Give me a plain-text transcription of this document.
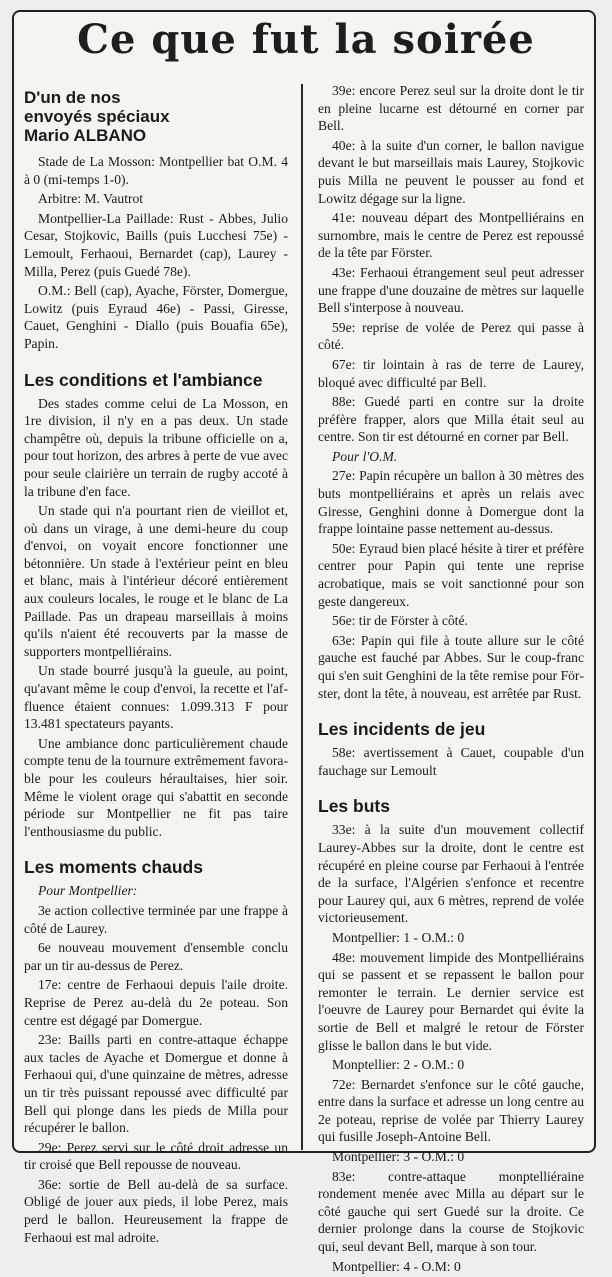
Ce que fut la soirée
D'un de nos
envoyés spéciaux
Mario ALBANO

Stade de La Mosson: Montpellier bat O.M. 4 à 0 (mi-temps 1-0).

Arbitre: M. Vautrot

Montpellier-La Paillade: Rust - Abbes, Julio Cesar, Stojkovic, Baills (puis Lucchesi 75e) - Lemoult, Ferhaoui, Bernardet (cap), Laurey - Milla, Perez (puis Guedé 78e).

O.M.: Bell (cap), Ayache, Förster, Domergue, Lowitz (puis Eyraud 46e) - Passi, Giresse, Cauet, Genghini - Diallo (puis Bouafia 65e), Papin.

Les conditions et l'ambiance

Des stades comme celui de La Mosson, en 1re division, il n'y en a pas deux. Un stade champêtre où, depuis la tribune officielle on a, pour tout horizon, des arbres à perte de vue avec pour seule clairière un terrain de rugby accoté à la tribune d'en face.

Un stade qui n'a pourtant rien de vieillot et, où dans un virage, à une demi-heure du coup d'envoi, on voyait encore fonctionner une bétonnière. Un stade à l'extérieur peint en bleu et blanc, mais à l'intérieur décoré entièrement aux couleurs locales, le rouge et le blanc de La Paillade. Pas un drapeau marseillais à moins qu'ils n'aient été recouverts par la masse de supporters montpelliérains.

Un stade bourré jusqu'à la gueule, au point, qu'avant même le coup d'envoi, la recette et l'affluence étaient connues: 1.099.313 F pour 13.481 spectateurs payants.

Une ambiance donc particulièrement chaude compte tenu de la tournure extrêmement favorable pour les couleurs héraultaises, hier soir. Même le violent orage qui s'abattit en seconde période sur Montpellier ne fit pas taire l'enthousiasme du public.

Les moments chauds

Pour Montpellier:

3e action collective terminée par une frappe à côté de Laurey.

6e nouveau mouvement d'ensemble conclu par un tir au-dessus de Perez.

17e: centre de Ferhaoui depuis l'aile droite. Reprise de Perez au-delà du 2e poteau. Son centre est dégagé par Domergue.

23e: Baills parti en contre-attaque échappe aux tacles de Ayache et Domergue et donne à Ferhaoui qui, d'une quinzaine de mètres, adresse un tir très puissant repoussé avec difficulté par Bell qui plonge dans les pieds de Milla pour récupérer le ballon.

29e: Perez servi sur le côté droit adresse un tir croisé que Bell repousse de nouveau.

36e: sortie de Bell au-delà de sa surface. Obligé de jouer aux pieds, il lobe Perez, mais perd le ballon. Heureusement la frappe de Ferhaoui est mal adroite.

39e: encore Perez seul sur la droite dont le tir en pleine lucarne est détourné en corner par Bell.

40e: à la suite d'un corner, le ballon navigue devant le but marseillais mais Laurey, Stojkovic puis Milla ne peuvent le pousser au fond et Lowitz dégage sur la ligne.

41e: nouveau départ des Montpelliérains en surnombre, mais le centre de Perez est repoussé de la tête par Förster.

43e: Ferhaoui étrangement seul peut adresser une frappe d'une douzaine de mètres sur laquelle Bell s'interpose à nouveau.

59e: reprise de volée de Perez qui passe à côté.

67e: tir lointain à ras de terre de Laurey, bloqué avec difficulté par Bell.

88e: Guedé parti en contre sur la droite préfère frapper, alors que Milla était seul au centre. Son tir est détourné en corner par Bell.

Pour l'O.M.

27e: Papin récupère un ballon à 30 mètres des buts montpelliérains et après un relais avec Giresse, Genghini donne à Domergue dont la frappe lointaine passe nettement au-dessus.

50e: Eyraud bien placé hésite à tirer et préfère centrer pour Papin qui tente une reprise acrobatique, mais se voit sanctionné pour son geste dangereux.

56e: tir de Förster à côté.

63e: Papin qui file à toute allure sur le côté gauche est fauché par Abbes. Sur le coup-franc qui s'en suit Genghini de la tête remise pour Förster, dont la tête, à nouveau, est arrêtée par Rust.

Les incidents de jeu

58e: avertissement à Cauet, coupable d'un fauchage sur Lemoult

Les buts

33e: à la suite d'un mouvement collectif Laurey-Abbes sur la droite, dont le centre est récupéré en pleine course par Ferhaoui à l'entrée de la surface, l'Algérien s'enfonce et recentre pour Laurey qui, aux 6 mètres, reprend de volée victorieusement.

Montpellier: 1 - O.M.: 0

48e: mouvement limpide des Montpelliérains qui se passent et se repassent le ballon pour remonter le terrain. Le dernier service est l'oeuvre de Laurey pour Bernardet qui évite la sortie de Bell et malgré le retour de Förster glisse le ballon dans le but vide.

Monptellier: 2 - O.M.: 0

72e: Bernardet s'enfonce sur le côté gauche, entre dans la surface et adresse un long centre au 2e poteau, reprise de volée par Thierry Laurey qui fusille Joseph-Antoine Bell.

Montpellier: 3 - O.M.: 0

83e: contre-attaque monptelliéraine rondement menée avec Milla au départ sur le côté gauche qui sert Guedé sur la droite. Ce dernier prolonge dans la course de Stojkovic qui, seul devant Bell, marque à son tour.

Montpellier: 4 - O.M: 0
